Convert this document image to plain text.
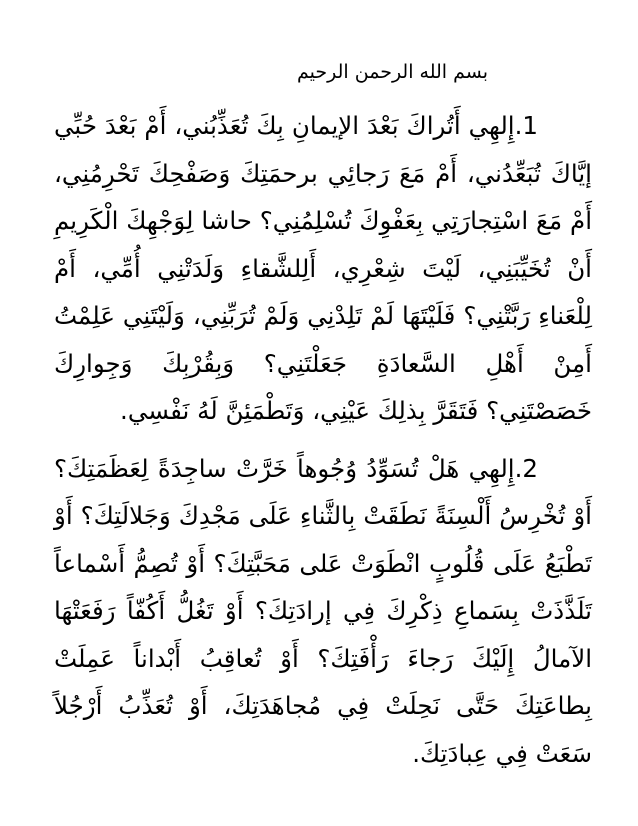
بسم الله الرحمن الرحيم

1.إِلهِي أَتُراكَ بَعْدَ الإيمانِ بِكَ تُعَذِّبُني، أَمْ بَعْدَ حُبِّي إيَّاكَ تُبَعِّدُني، أَمْ مَعَ رَجائِي برحمَتِكَ وَصَفْحِكَ تَحْرِمُنِي، أَمْ مَعَ اسْتِجارَتِي بِعَفْوِكَ تُسْلِمُنِي؟ حاشا لِوَجْهِكَ الْكَرِيمِ أَنْ تُخَيِّبَنِي، لَيْتَ شِعْرِي، أَلِلشَّقاءِ وَلَدَتْنِي أُمِّي، أَمْ لِلْعَناءِ رَبَّتْنِي؟ فَلَيْتَهَا لَمْ تَلِدْنِي وَلَمْ تُرَبِّنِي، وَلَيْتَنِي عَلِمْتُ أَمِنْ أَهْلِ السَّعادَةِ جَعَلْتَنِي؟ وَبِقُرْبِكَ وَجِوارِكَ خَصَصْتَنِي؟ فَتَقَرَّ بِذلِكَ عَيْنِي، وَتَطْمَئِنَّ لَهُ نَفْسِي.

2.إِلهِي هَلْ تُسَوِّدُ وُجُوهاً خَرَّتْ ساجِدَةً لِعَظَمَتِكَ؟ أَوْ تُخْرِسُ أَلْسِنَةً نَطَقَتْ بِالثَّناءِ عَلَى مَجْدِكَ وَجَلالَتِكَ؟ أَوْ تَطْبَعُ عَلَى قُلُوبٍ انْطَوَتْ عَلى مَحَبَّتِكَ؟ أَوْ تُصِمُّ أَسْماعاً تَلَذَّذَتْ بِسَماعِ ذِكْرِكَ فِي إرادَتِكَ؟ أَوْ تَغُلُّ أَكُفّاً رَفَعَتْهَا الآمالُ إِلَيْكَ رَجاءَ رَأْفَتِكَ؟ أَوْ تُعاقِبُ أَبْداناً عَمِلَتْ بِطاعَتِكَ حَتَّى نَحِلَتْ فِي مُجاهَدَتِكَ، أَوْ تُعَذِّبُ أَرْجُلاً سَعَتْ فِي عِبادَتِكَ.
